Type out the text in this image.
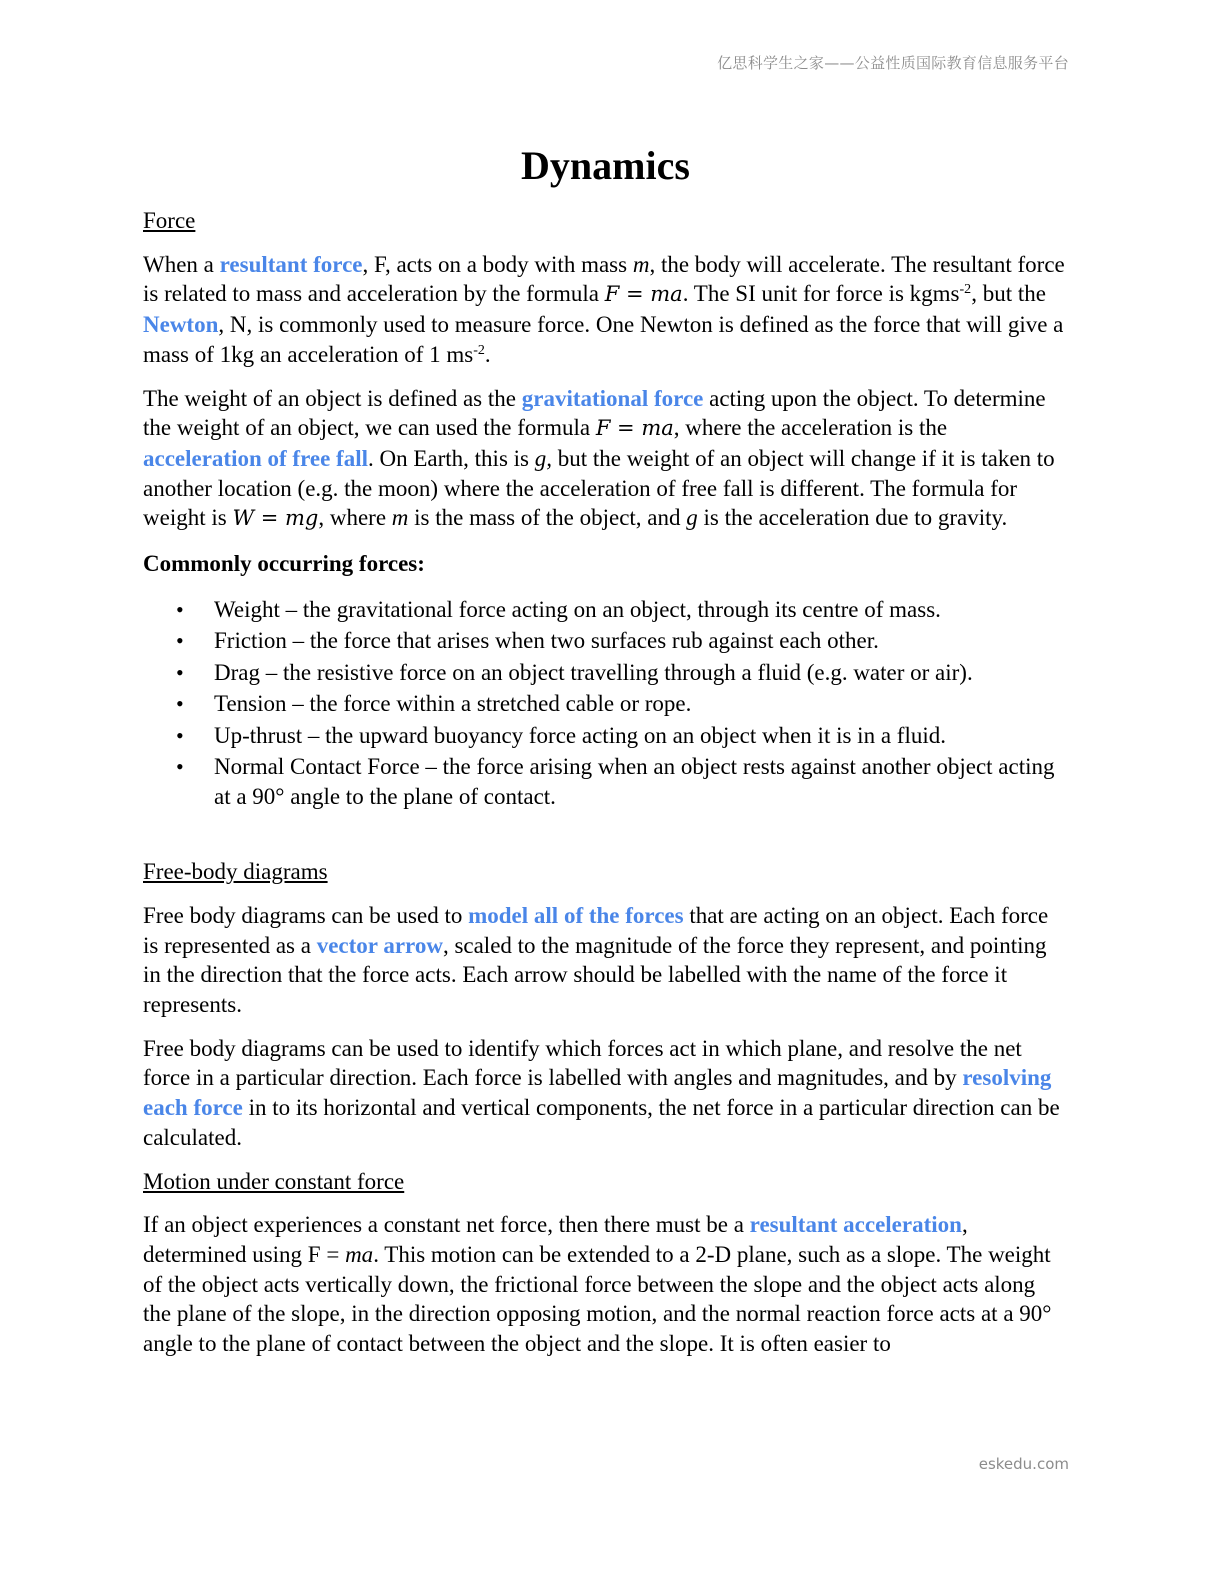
亿思科学生之家——公益性质国际教育信息服务平台
Dynamics
Force

When a resultant force, F, acts on a body with mass m, the body will accelerate. The resultant force is related to mass and acceleration by the formula F = ma. The SI unit for force is kgms$^{-2}$, but the Newton, N, is commonly used to measure force. One Newton is defined as the force that will give a mass of 1kg an acceleration of 1 $ms^{-2}$.

The weight of an object is defined as the gravitational force acting upon the object. To determine the weight of an object, we can used the formula F = ma, where the acceleration is the acceleration of free fall. On Earth, this is g, but the weight of an object will change if it is taken to another location (e.g. the moon) where the acceleration of free fall is different. The formula for weight is W = mg, where m is the mass of the object, and g is the acceleration due to gravity.

Commonly occurring forces:

• Weight – the gravitational force acting on an object, through its centre of mass.
• Friction – the force that arises when two surfaces rub against each other.
• Drag – the resistive force on an object travelling through a fluid (e.g. water or air).
• Tension – the force within a stretched cable or rope.
• Up-thrust – the upward buoyancy force acting on an object when it is in a fluid.
• Normal Contact Force – the force arising when an object rests against another object acting at a 90° angle to the plane of contact.
Free-body diagrams

Free body diagrams can be used to model all of the forces that are acting on an object. Each force is represented as a vector arrow, scaled to the magnitude of the force they represent, and pointing in the direction that the force acts. Each arrow should be labelled with the name of the force it represents.

Free body diagrams can be used to identify which forces act in which plane, and resolve the net force in a particular direction. Each force is labelled with angles and magnitudes, and by resolving each force in to its horizontal and vertical components, the net force in a particular direction can be calculated.

Motion under constant force

If an object experiences a constant net force, then there must be a resultant acceleration, determined using F = ma. This motion can be extended to a 2-D plane, such as a slope. The weight of the object acts vertically down, the frictional force between the slope and the object acts along the plane of the slope, in the direction opposing motion, and the normal reaction force acts at a 90° angle to the plane of contact between the object and the slope. It is often easier to

eskedu.com
